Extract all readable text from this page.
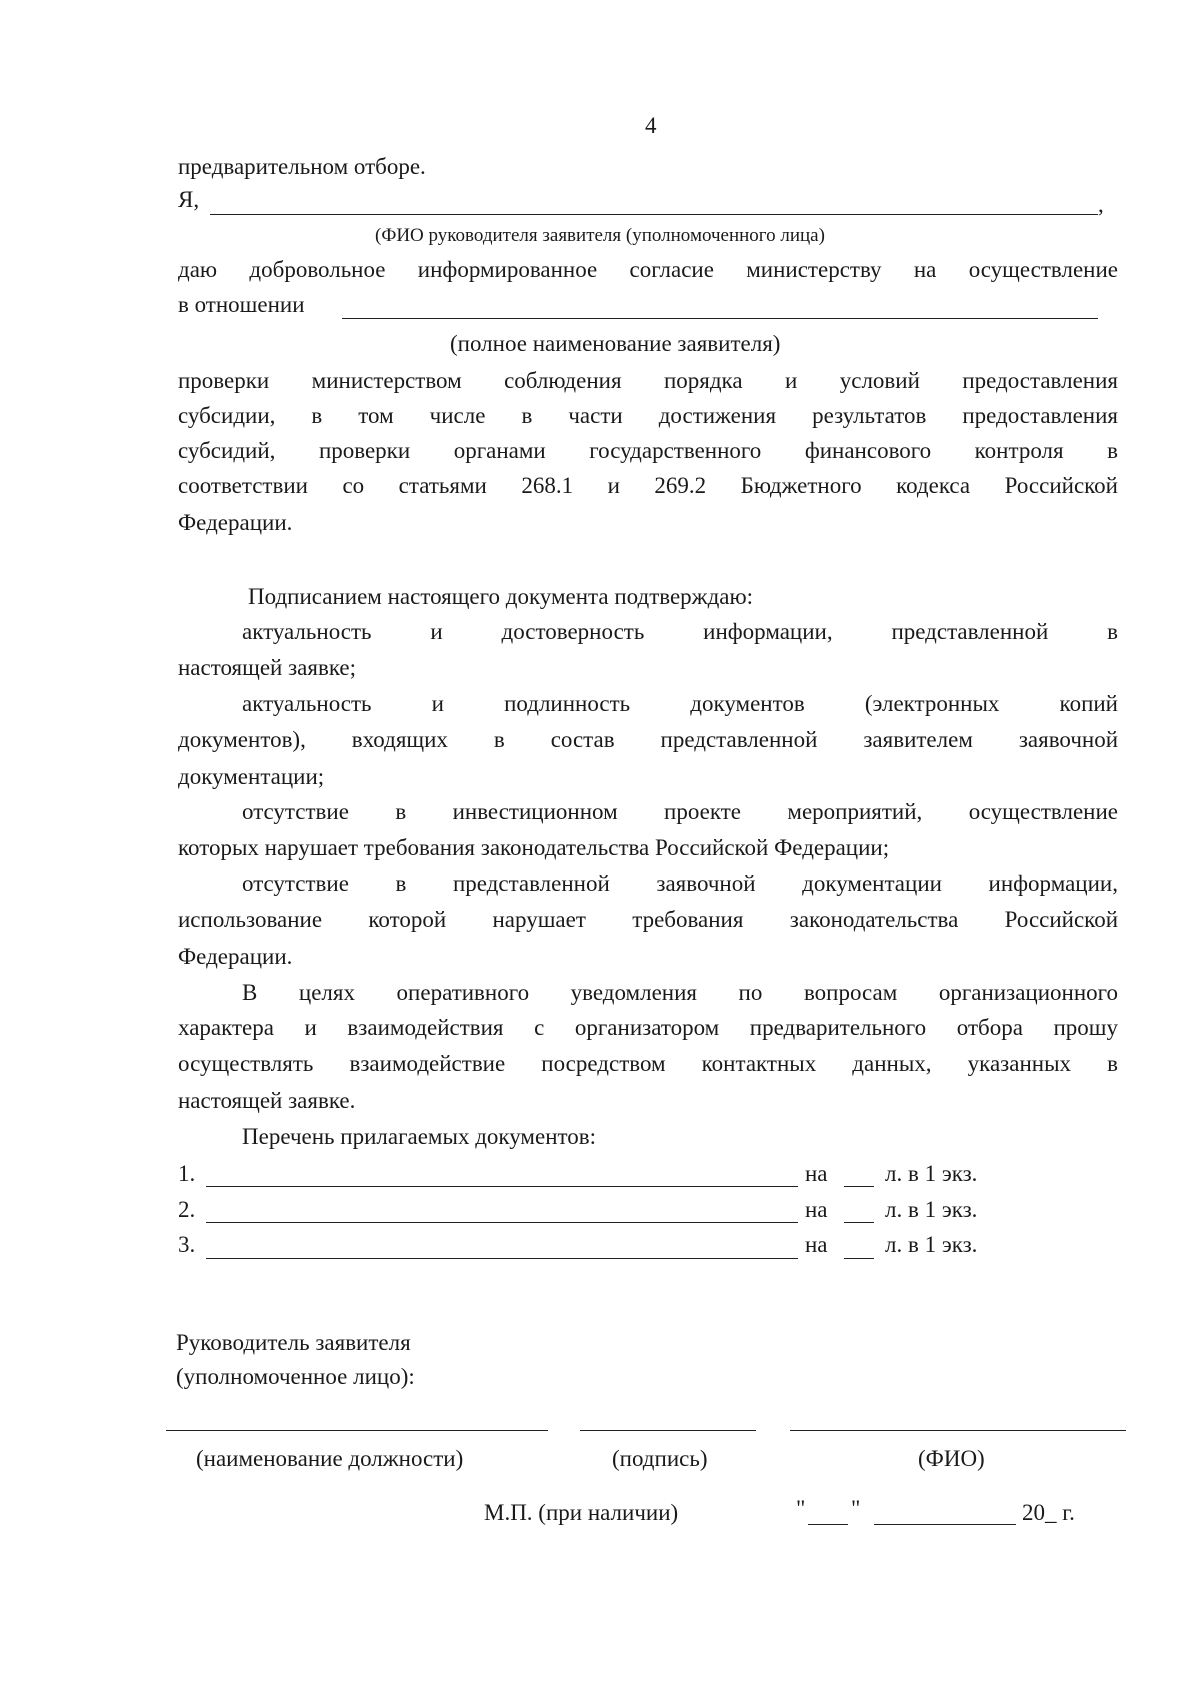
4
предварительном отборе.
Я,	,
(ФИО руководителя заявителя (уполномоченного лица)
даю добровольное информированное согласие министерству на осуществление
в отношении
(полное наименование заявителя)
проверки министерством соблюдения порядка и условий предоставления
субсидии, в том числе в части достижения результатов предоставления
субсидий, проверки органами государственного финансового контроля в
соответствии со статьями 268.1 и 269.2 Бюджетного кодекса Российской
Федерации.
Подписанием настоящего документа подтверждаю:
актуальность и достоверность информации, представленной в
настоящей заявке;
актуальность и подлинность документов (электронных копий
документов), входящих в состав представленной заявителем заявочной
документации;
отсутствие в инвестиционном проекте мероприятий, осуществление
которых нарушает требования законодательства Российской Федерации;
отсутствие в представленной заявочной документации информации,
использование которой нарушает требования законодательства Российской
Федерации.
В целях оперативного уведомления по вопросам организационного
характера и взаимодействия с организатором предварительного отбора прошу
осуществлять взаимодействие посредством контактных данных, указанных в
настоящей заявке.
Перечень прилагаемых документов:
1.	на л. в 1 экз.
2.	на л. в 1 экз.
3.	на л. в 1 экз.
Руководитель заявителя
(уполномоченное лицо):
(наименование должности)	(подпись)	(ФИО)
М.П. (при наличии)	" "	20_ г.
